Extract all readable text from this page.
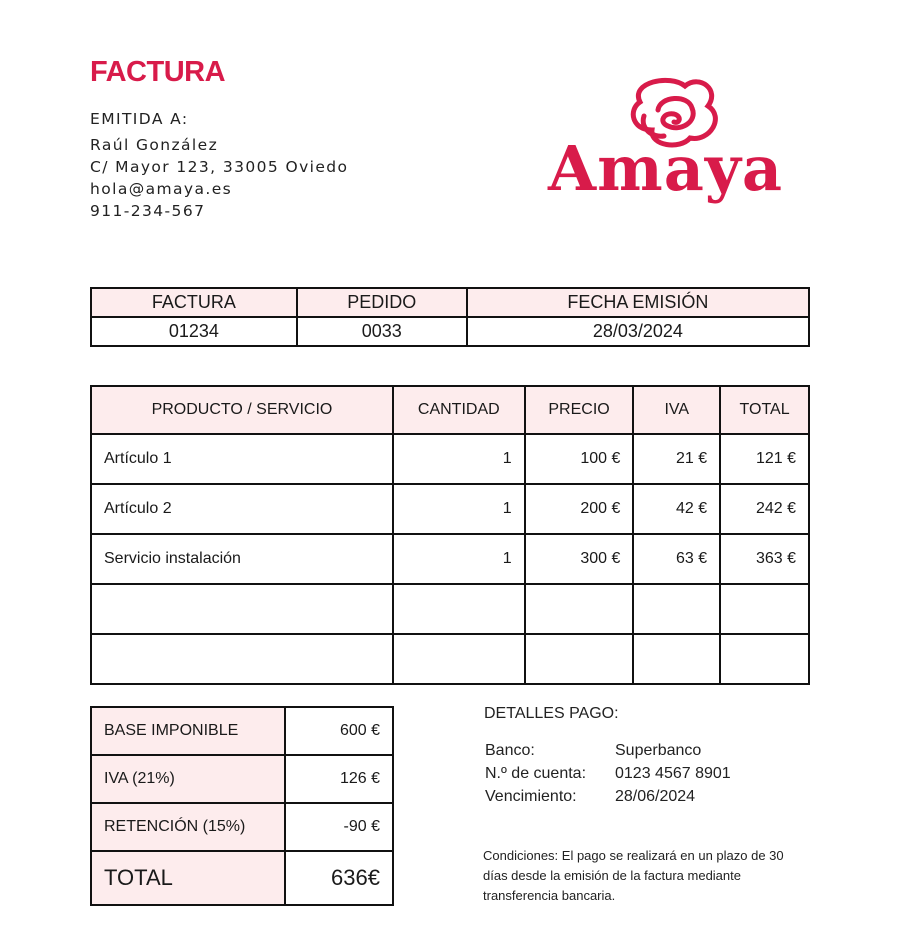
FACTURA
EMITIDA A:
Raúl González
C/ Mayor 123, 33005 Oviedo
hola@amaya.es
911-234-567
Amaya
FACTURA	PEDIDO	FECHA EMISIÓN
01234	0033	28/03/2024
PRODUCTO / SERVICIO	CANTIDAD	PRECIO	IVA	TOTAL
Artículo 1	1	100 €	21 €	121 €
Artículo 2	1	200 €	42 €	242 €
Servicio instalación	1	300 €	63 €	363 €

BASE IMPONIBLE	600 €
IVA (21%)	126 €
RETENCIÓN (15%)	-90 €
TOTAL	636€
DETALLES PAGO:
Banco:	Superbanco
N.º de cuenta:	0123 4567 8901
Vencimiento:	28/06/2024
Condiciones: El pago se realizará en un plazo de 30 días desde la emisión de la factura mediante transferencia bancaria.
